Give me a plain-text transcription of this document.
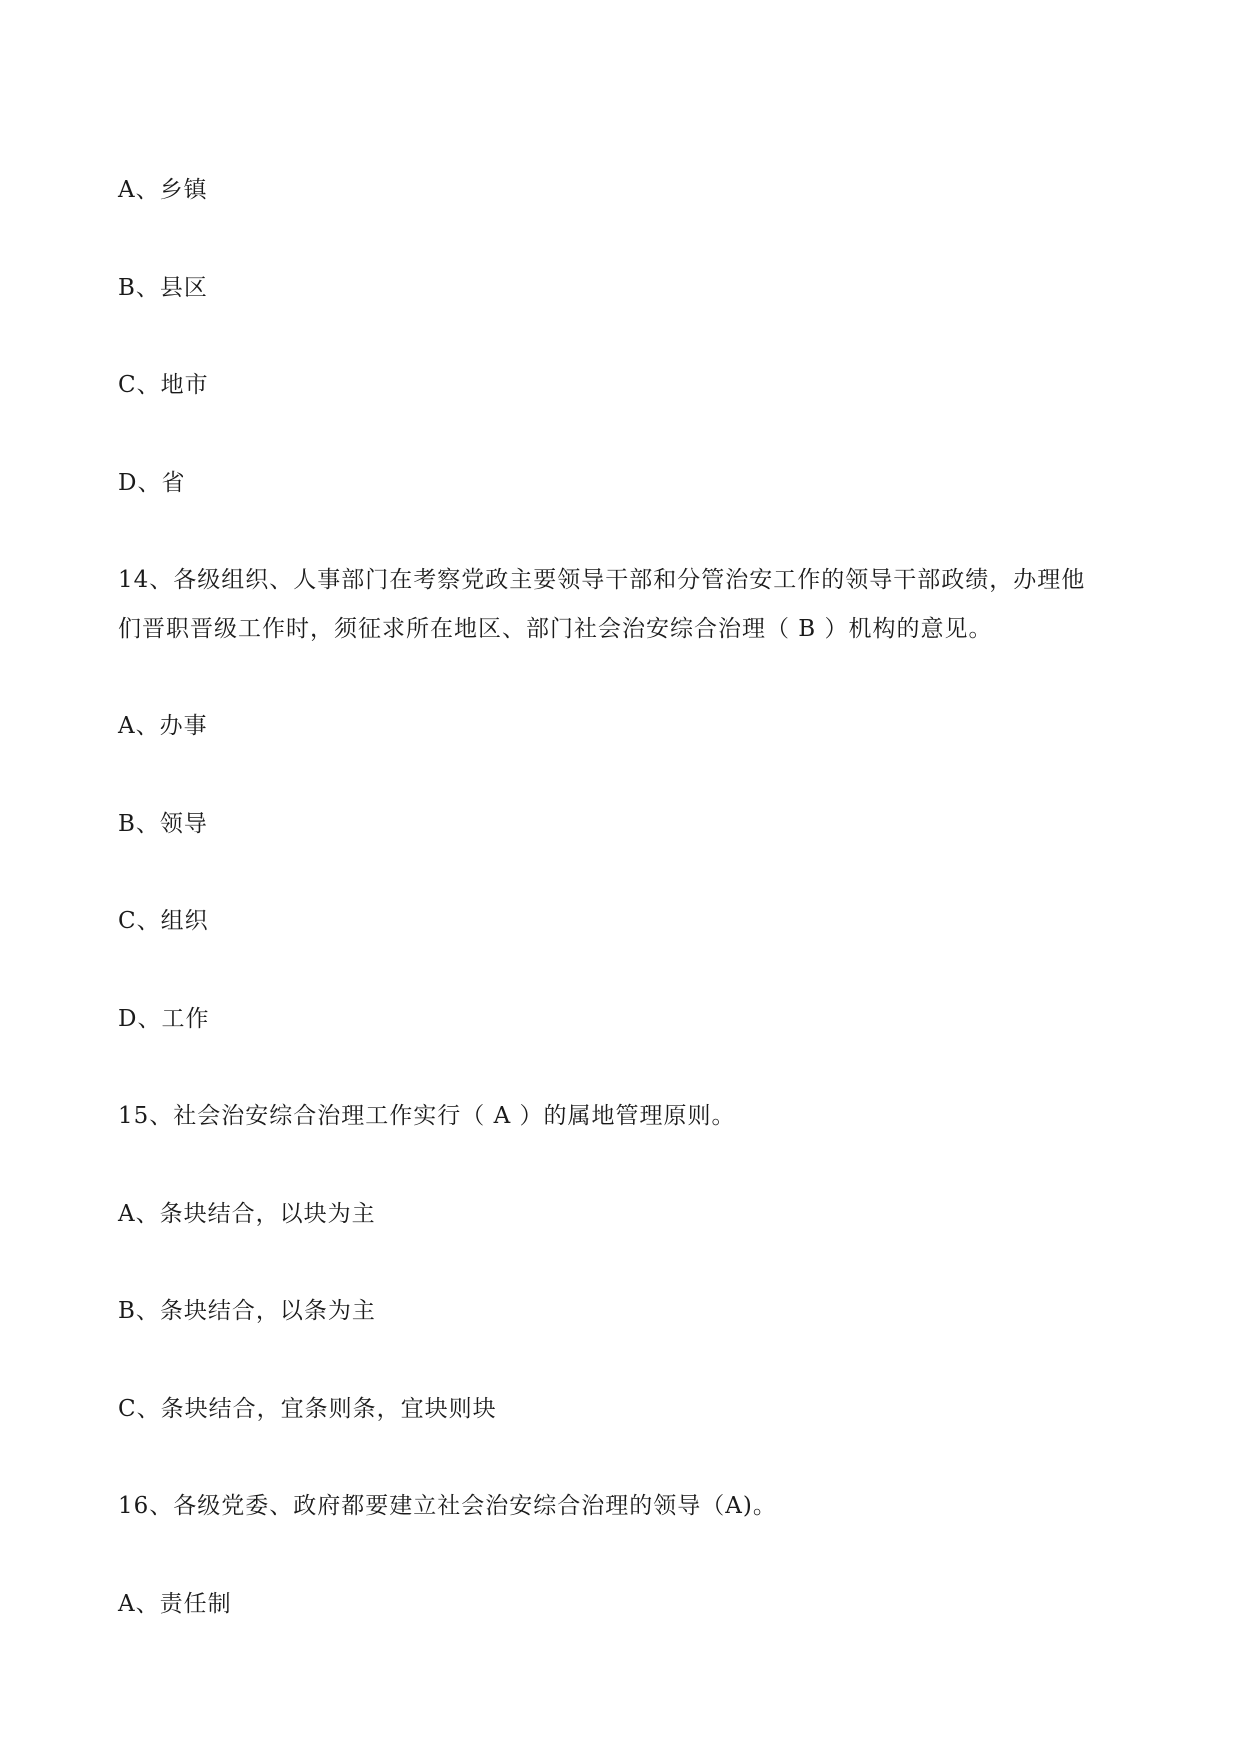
A、乡镇
B、县区
C、地市
D、省
14、各级组织、人事部门在考察党政主要领导干部和分管治安工作的领导干部政绩，办理他
们晋职晋级工作时，须征求所在地区、部门社会治安综合治理（ B ）机构的意见。
A、办事
B、领导
C、组织
D、工作
15、社会治安综合治理工作实行（ A ）的属地管理原则。
A、条块结合，以块为主
B、条块结合，以条为主
C、条块结合，宜条则条，宜块则块
16、各级党委、政府都要建立社会治安综合治理的领导（A)。
A、责任制
